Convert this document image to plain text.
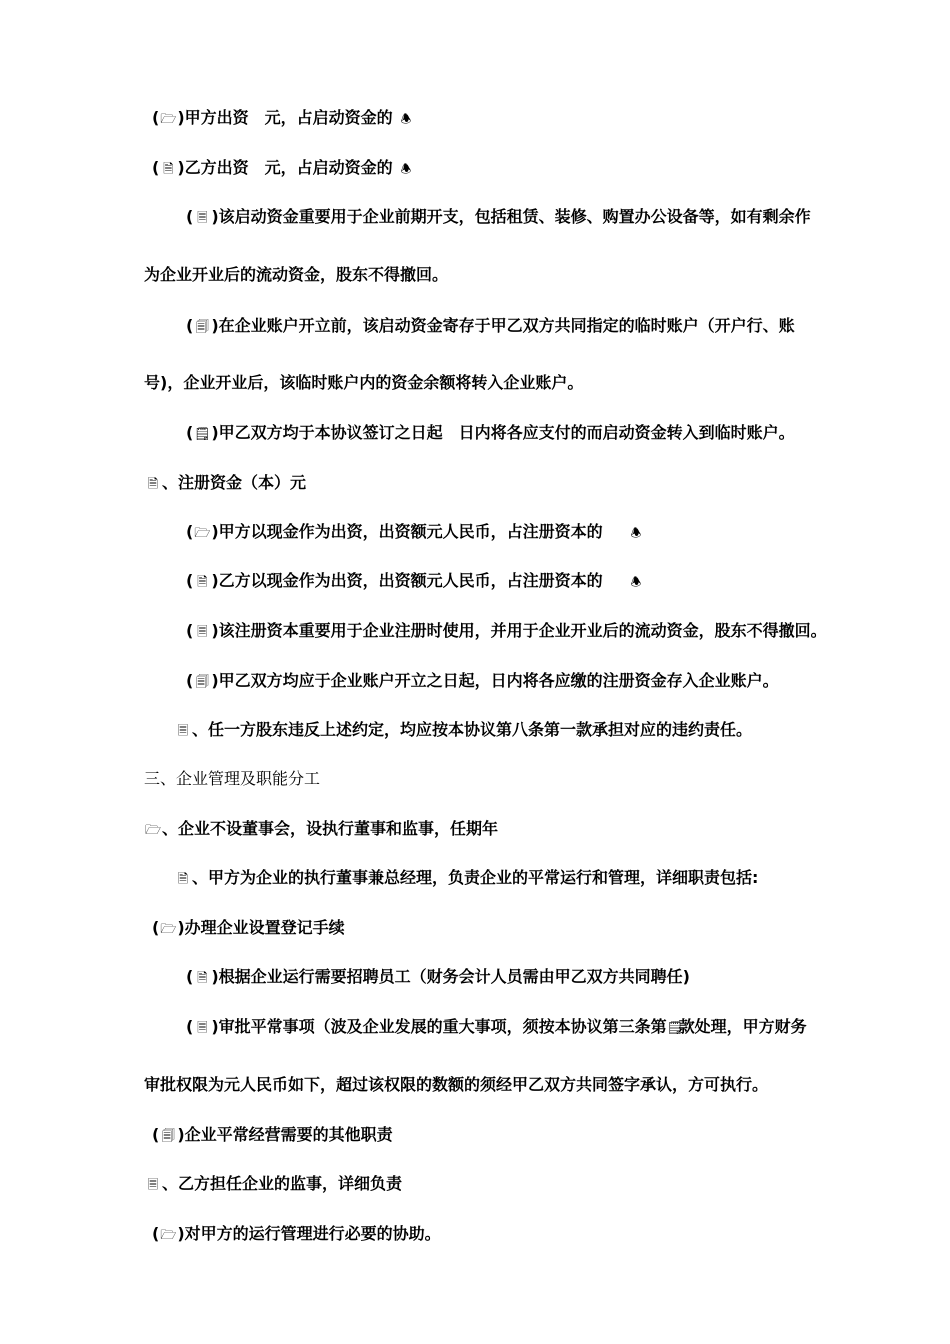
(🗁)甲方出资　元，占启动资金的 🕭
( 🗎 )乙方出资　元，占启动资金的 🕭
( 🗏 )该启动资金重要用于企业前期开支，包括租赁、装修、购置办公设备等，如有剩余作
为企业开业后的流动资金，股东不得撤回。
( 🗐 )在企业账户开立前，该启动资金寄存于甲乙双方共同指定的临时账户（开户行、账
号)，企业开业后，该临时账户内的资金余额将转入企业账户。
(🗒)甲乙双方均于本协议签订之日起　日内将各应支付的而启动资金转入到临时账户。
🗎 、注册资金（本）元
(🗁)甲方以现金作为出资，出资额元人民币，占注册资本的 🕭
( 🗎 )乙方以现金作为出资，出资额元人民币，占注册资本的 🕭
( 🗏 )该注册资本重要用于企业注册时使用，并用于企业开业后的流动资金，股东不得撤回。
( 🗐 )甲乙双方均应于企业账户开立之日起，日内将各应缴的注册资金存入企业账户。
🗏 、任一方股东违反上述约定，均应按本协议第八条第一款承担对应的违约责任。
三、企业管理及职能分工
🗁、企业不设董事会，设执行董事和监事，任期年
🗎 、甲方为企业的执行董事兼总经理，负责企业的平常运行和管理，详细职责包括:
(🗁)办理企业设置登记手续
( 🗎 )根据企业运行需要招聘员工（财务会计人员需由甲乙双方共同聘任)
( 🗏 )审批平常事项（波及企业发展的重大事项，须按本协议第三条第🗒款处理，甲方财务
审批权限为元人民币如下，超过该权限的数额的须经甲乙双方共同签字承认，方可执行。
( 🗐 )企业平常经营需要的其他职责
🗏 、乙方担任企业的监事，详细负责
(🗁)对甲方的运行管理进行必要的协助。
